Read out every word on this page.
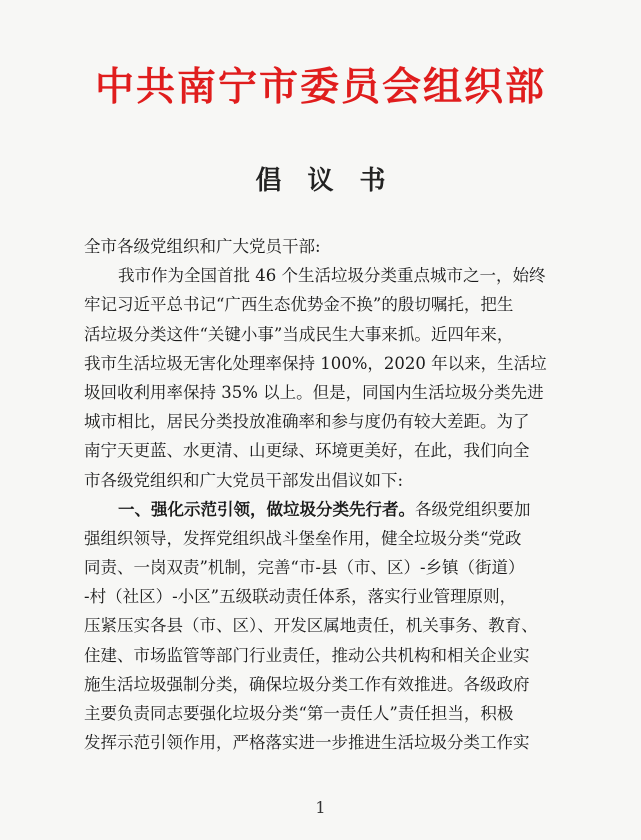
中共南宁市委员会组织部
倡议书
全市各级党组织和广大党员干部:
我市作为全国首批 46 个生活垃圾分类重点城市之一，始终
牢记习近平总书记“广西生态优势金不换”的殷切嘱托，把生
活垃圾分类这件“关键小事”当成民生大事来抓。近四年来，
我市生活垃圾无害化处理率保持 100%，2020 年以来，生活垃
圾回收利用率保持 35% 以上。但是，同国内生活垃圾分类先进
城市相比，居民分类投放准确率和参与度仍有较大差距。为了
南宁天更蓝、水更清、山更绿、环境更美好，在此，我们向全
市各级党组织和广大党员干部发出倡议如下:
一、强化示范引领，做垃圾分类先行者。各级党组织要加
强组织领导，发挥党组织战斗堡垒作用，健全垃圾分类“党政
同责、一岗双责”机制，完善“市-县（市、区）-乡镇（街道）
-村（社区）-小区”五级联动责任体系，落实行业管理原则，
压紧压实各县（市、区）、开发区属地责任，机关事务、教育、
住建、市场监管等部门行业责任，推动公共机构和相关企业实
施生活垃圾强制分类，确保垃圾分类工作有效推进。各级政府
主要负责同志要强化垃圾分类“第一责任人”责任担当，积极
发挥示范引领作用，严格落实进一步推进生活垃圾分类工作实
1
